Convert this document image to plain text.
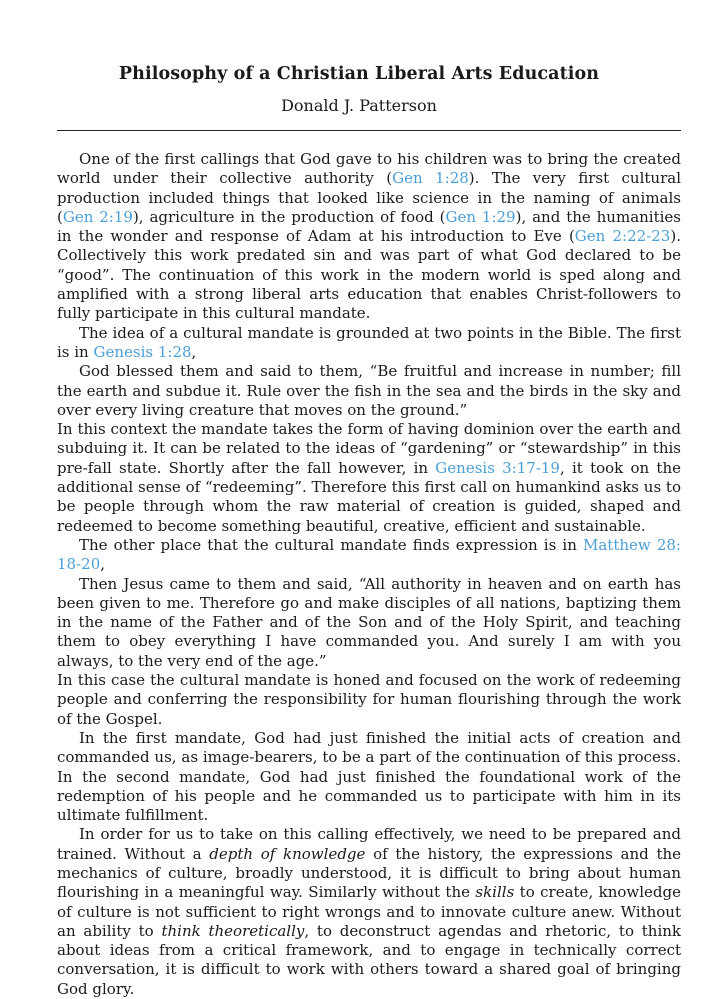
Philosophy of a Christian Liberal Arts Education
Donald J. Patterson

One of the first callings that God gave to his children was to bring the created world under their collective authority (Gen 1:28). The very first cultural production included things that looked like science in the naming of animals (Gen 2:19), agriculture in the production of food (Gen 1:29), and the humanities in the wonder and response of Adam at his introduction to Eve (Gen 2:22-23). Collectively this work predated sin and was part of what God declared to be “good”. The continuation of this work in the modern world is sped along and amplified with a strong liberal arts education that enables Christ-followers to fully participate in this cultural mandate.

The idea of a cultural mandate is grounded at two points in the Bible. The first is in Genesis 1:28,

God blessed them and said to them, “Be fruitful and increase in number; fill the earth and subdue it. Rule over the fish in the sea and the birds in the sky and over every living creature that moves on the ground.”

In this context the mandate takes the form of having dominion over the earth and subduing it. It can be related to the ideas of “gardening” or “stewardship” in this pre-fall state. Shortly after the fall however, in Genesis 3:17-19, it took on the additional sense of “redeeming”. Therefore this first call on humankind asks us to be people through whom the raw material of creation is guided, shaped and redeemed to become something beautiful, creative, efficient and sustainable.

The other place that the cultural mandate finds expression is in Matthew 28: 18-20,

Then Jesus came to them and said, “All authority in heaven and on earth has been given to me. Therefore go and make disciples of all nations, baptizing them in the name of the Father and of the Son and of the Holy Spirit, and teaching them to obey everything I have commanded you. And surely I am with you always, to the very end of the age.”

In this case the cultural mandate is honed and focused on the work of redeeming people and conferring the responsibility for human flourishing through the work of the Gospel.

In the first mandate, God had just finished the initial acts of creation and commanded us, as image-bearers, to be a part of the continuation of this process. In the second mandate, God had just finished the foundational work of the redemption of his people and he commanded us to participate with him in its ultimate fulfillment.

In order for us to take on this calling effectively, we need to be prepared and trained. Without a depth of knowledge of the history, the expressions and the mechanics of culture, broadly understood, it is difficult to bring about human flourishing in a meaningful way. Similarly without the skills to create, knowledge of culture is not sufficient to right wrongs and to innovate culture anew. Without an ability to think theoretically, to deconstruct agendas and rhetoric, to think about ideas from a critical framework, and to engage in technically correct conversation, it is difficult to work with others toward a shared goal of bringing God glory.
